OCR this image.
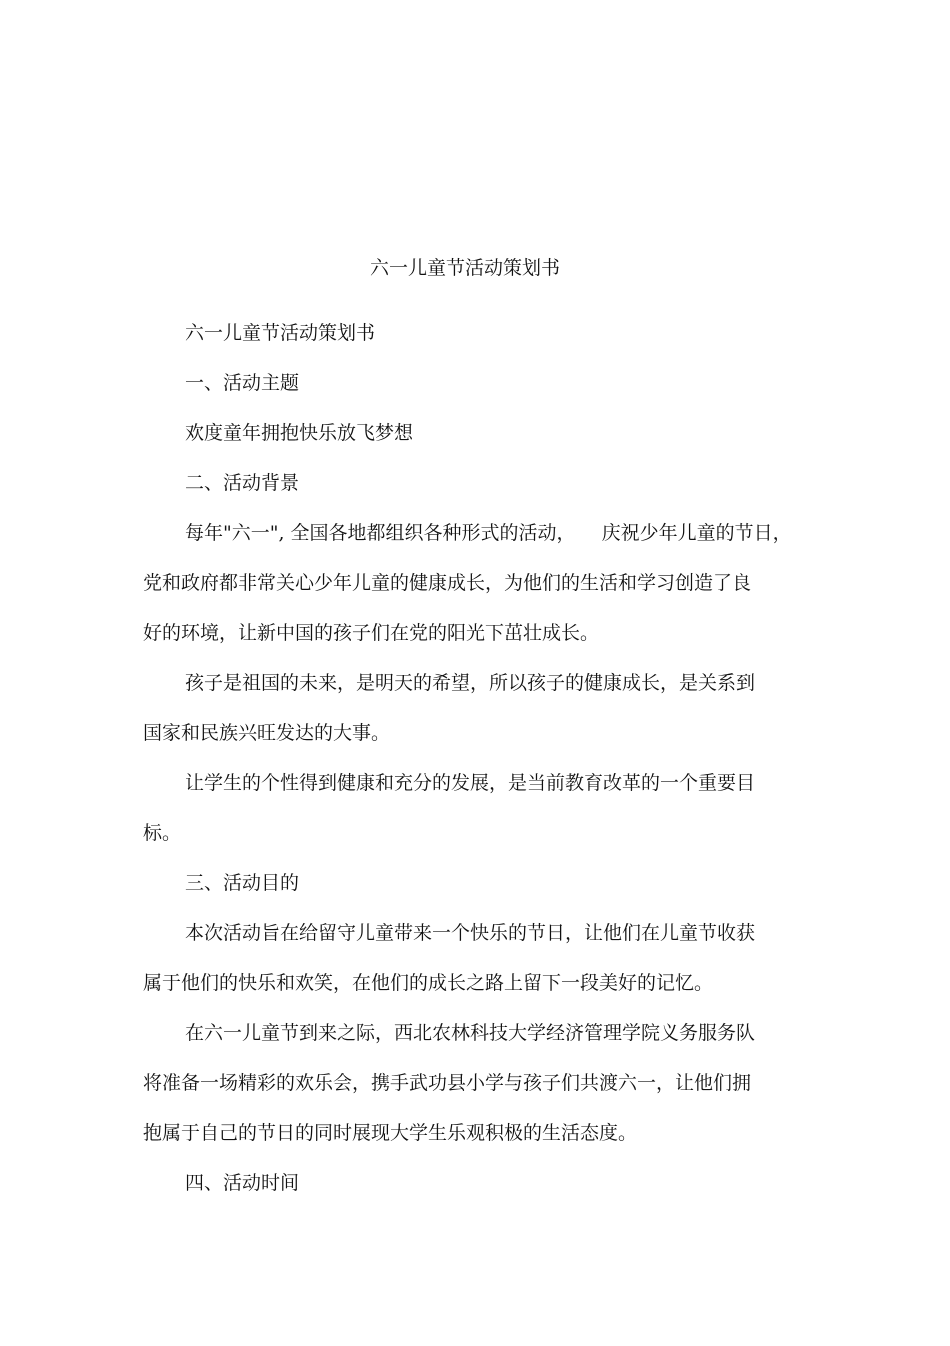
六一儿童节活动策划书
六一儿童节活动策划书
一、活动主题
欢度童年拥抱快乐放飞梦想
二、活动背景
每年"六一", 全国各地都组织各种形式的活动， 庆祝少年儿童的节日，
党和政府都非常关心少年儿童的健康成长，为他们的生活和学习创造了良
好的环境，让新中国的孩子们在党的阳光下茁壮成长。
孩子是祖国的未来，是明天的希望，所以孩子的健康成长，是关系到
国家和民族兴旺发达的大事。
让学生的个性得到健康和充分的发展，是当前教育改革的一个重要目
标。
三、活动目的
本次活动旨在给留守儿童带来一个快乐的节日，让他们在儿童节收获
属于他们的快乐和欢笑，在他们的成长之路上留下一段美好的记忆。
在六一儿童节到来之际，西北农林科技大学经济管理学院义务服务队
将准备一场精彩的欢乐会，携手武功县小学与孩子们共渡六一，让他们拥
抱属于自己的节日的同时展现大学生乐观积极的生活态度。
四、活动时间
